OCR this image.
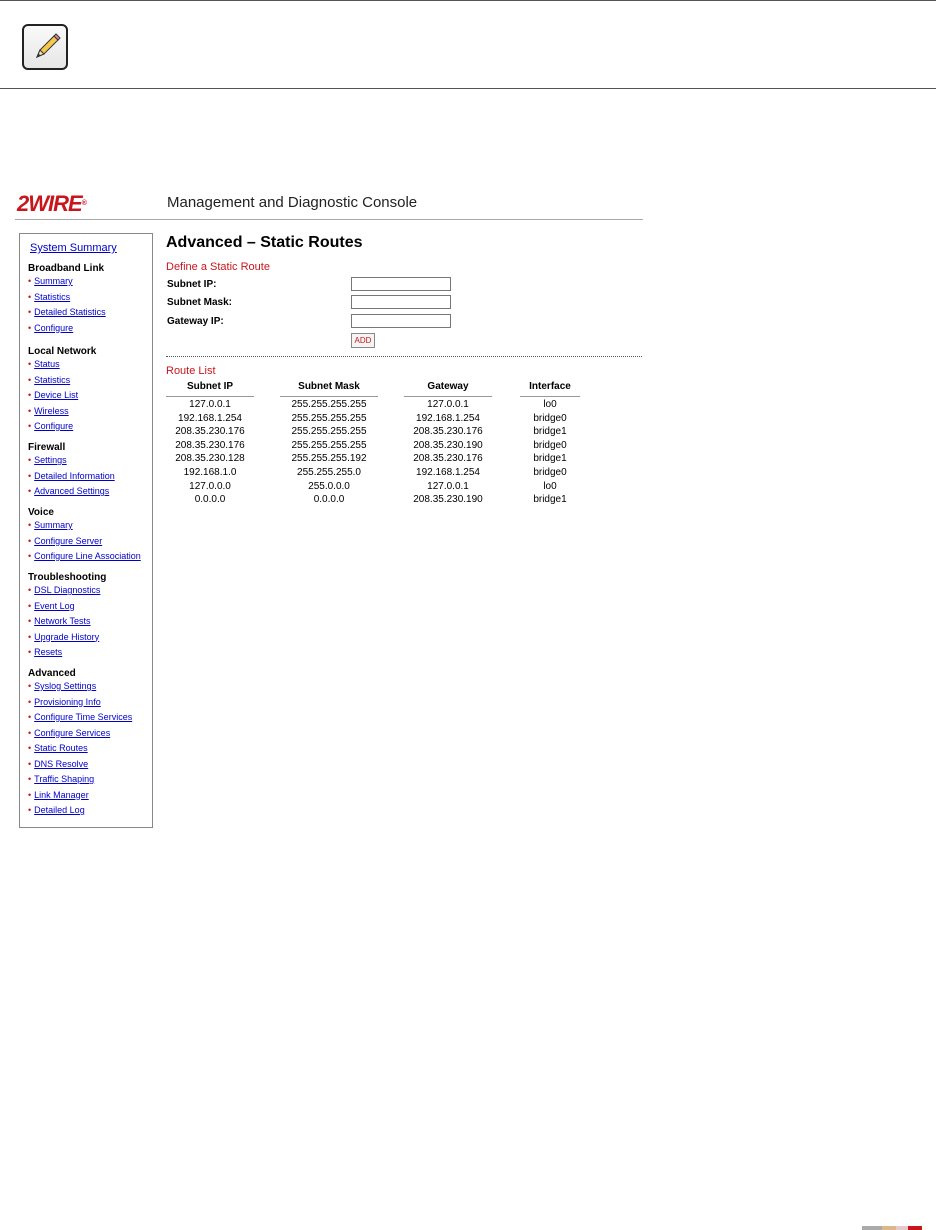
2WIRE®	Management and Diagnostic Console
System Summary
Broadband Link
• Summary
• Statistics
• Detailed Statistics
• Configure
Local Network
• Status
• Statistics
• Device List
• Wireless
• Configure
Firewall
• Settings
• Detailed Information
• Advanced Settings
Voice
• Summary
• Configure Server
• Configure Line Association
Troubleshooting
• DSL Diagnostics
• Event Log
• Network Tests
• Upgrade History
• Resets
Advanced
• Syslog Settings
• Provisioning Info
• Configure Time Services
• Configure Services
• Static Routes
• DNS Resolve
• Traffic Shaping
• Link Manager
• Detailed Log
Advanced – Static Routes
Define a Static Route
Subnet IP:
Subnet Mask:
Gateway IP:
ADD
Route List
Subnet IP	Subnet Mask	Gateway	Interface
127.0.0.1	255.255.255.255	127.0.0.1	lo0
192.168.1.254	255.255.255.255	192.168.1.254	bridge0
208.35.230.176	255.255.255.255	208.35.230.176	bridge1
208.35.230.176	255.255.255.255	208.35.230.190	bridge0
208.35.230.128	255.255.255.192	208.35.230.176	bridge1
192.168.1.0	255.255.255.0	192.168.1.254	bridge0
127.0.0.0	255.0.0.0	127.0.0.1	lo0
0.0.0.0	0.0.0.0	208.35.230.190	bridge1
